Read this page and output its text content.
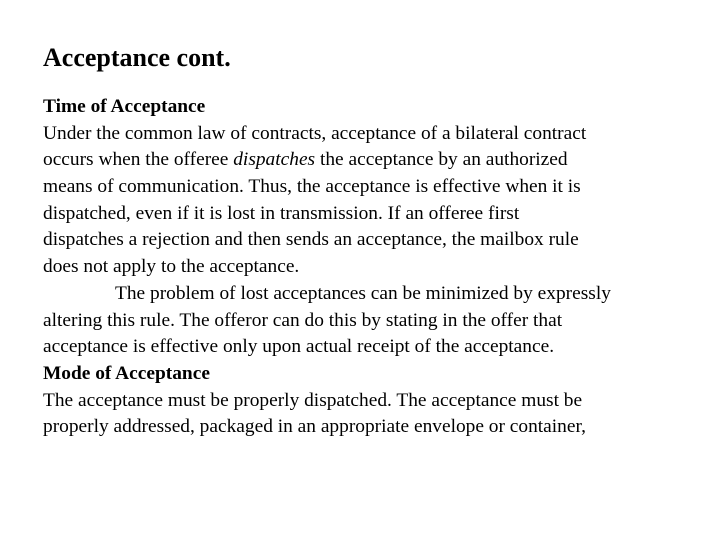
Acceptance cont.
Time of Acceptance
Under the common law of contracts, acceptance of a bilateral contract
occurs when the offeree dispatches the acceptance by an authorized
means of communication. Thus, the acceptance is effective when it is
dispatched, even if it is lost in transmission. If an offeree first
dispatches a rejection and then sends an acceptance, the mailbox rule
does not apply to the acceptance.
The problem of lost acceptances can be minimized by expressly
altering this rule. The offeror can do this by stating in the offer that
acceptance is effective only upon actual receipt of the acceptance.
Mode of Acceptance
The acceptance must be properly dispatched. The acceptance must be
properly addressed, packaged in an appropriate envelope or container,
